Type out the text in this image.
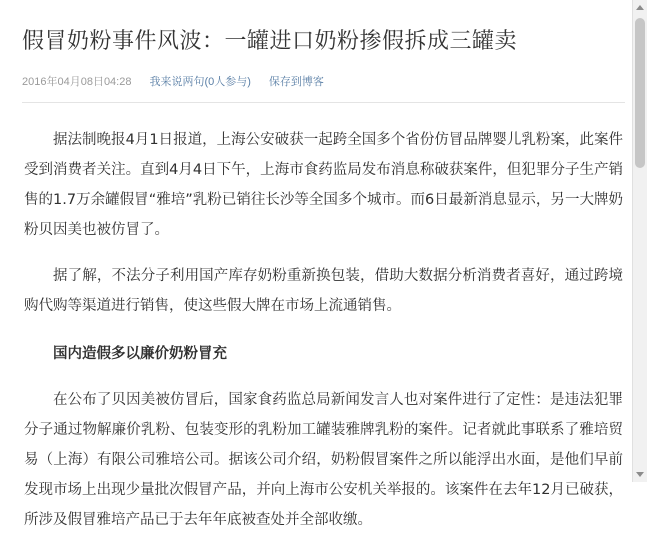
假冒奶粉事件风波：一罐进口奶粉掺假拆成三罐卖
2016年04月08日04:28 我来说两句(0人参与) 保存到博客

据法制晚报4月1日报道，上海公安破获一起跨全国多个省份仿冒品牌婴儿乳粉案，此案件受到消费者关注。直到4月4日下午，上海市食药监局发布消息称破获案件，但犯罪分子生产销售的1.7万余罐假冒“雅培”乳粉已销往长沙等全国多个城市。而6日最新消息显示，另一大牌奶粉贝因美也被仿冒了。

据了解，不法分子利用国产库存奶粉重新换包装，借助大数据分析消费者喜好，通过跨境购代购等渠道进行销售，使这些假大牌在市场上流通销售。

国内造假多以廉价奶粉冒充

在公布了贝因美被仿冒后，国家食药监总局新闻发言人也对案件进行了定性：是违法犯罪分子通过物解廉价乳粉、包装变形的乳粉加工罐装雅牌乳粉的案件。记者就此事联系了雅培贸易（上海）有限公司雅培公司。据该公司介绍，奶粉假冒案件之所以能浮出水面，是他们早前发现市场上出现少量批次假冒产品，并向上海市公安机关举报的。该案件在去年12月已破获，所涉及假冒雅培产品已于去年年底被查处并全部收缴。
